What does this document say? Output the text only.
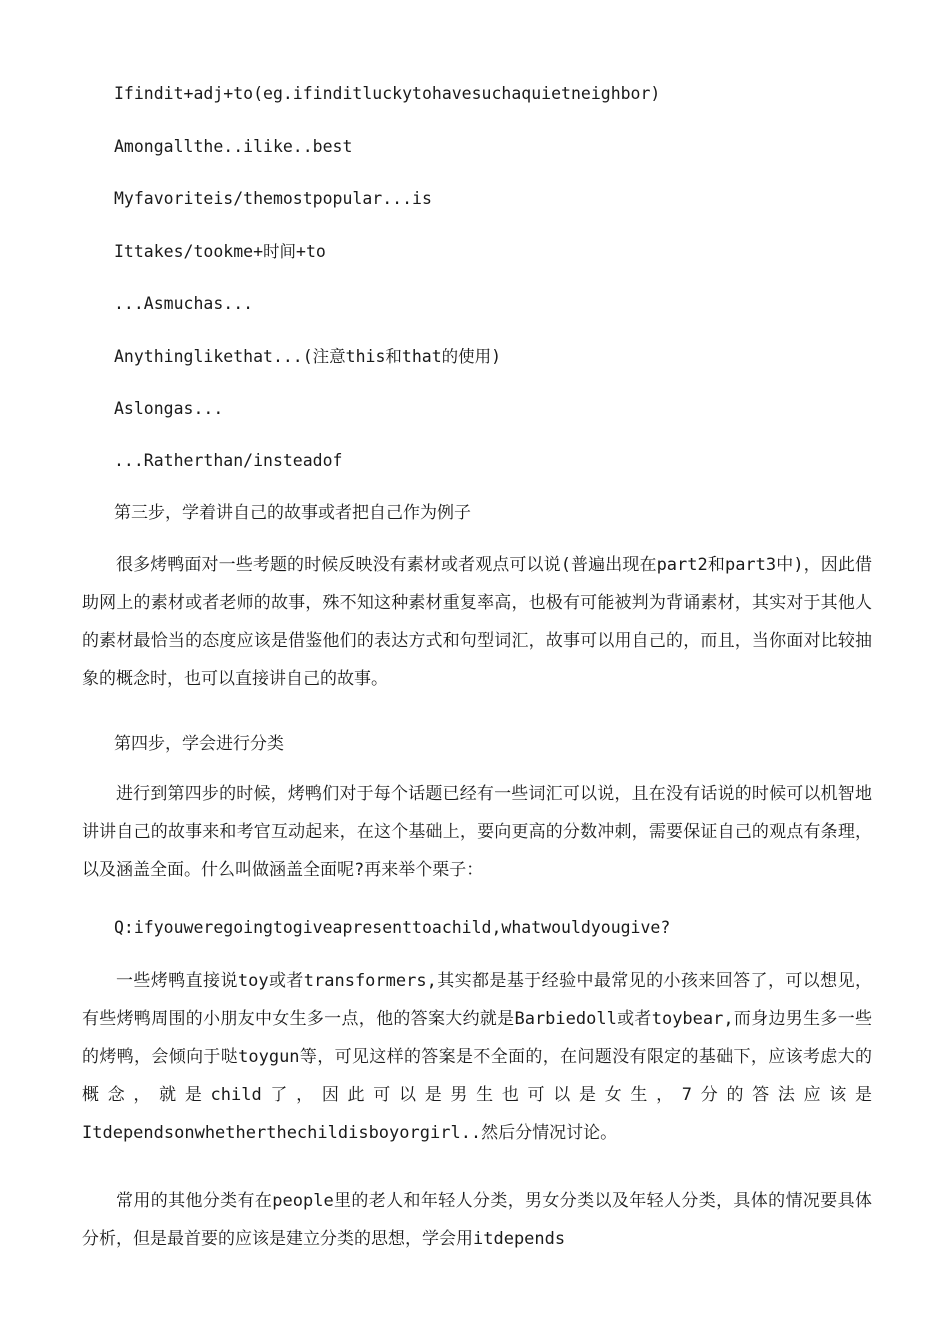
Ifindit+adj+to(eg.ifinditluckytohavesuchaquietneighbor)
Amongallthe..ilike..best
Myfavoriteis/themostpopular...is
Ittakes/tookme+时间+to
...Asmuchas...
Anythinglikethat...(注意this和that的使用)
Aslongas...
...Ratherthan/insteadof
第三步，学着讲自己的故事或者把自己作为例子

很多烤鸭面对一些考题的时候反映没有素材或者观点可以说(普遍出现在part2和part3中)，因此借助网上的素材或者老师的故事，殊不知这种素材重复率高，也极有可能被判为背诵素材，其实对于其他人的素材最恰当的态度应该是借鉴他们的表达方式和句型词汇，故事可以用自己的，而且，当你面对比较抽象的概念时，也可以直接讲自己的故事。

第四步，学会进行分类

进行到第四步的时候，烤鸭们对于每个话题已经有一些词汇可以说，且在没有话说的时候可以机智地讲讲自己的故事来和考官互动起来，在这个基础上，要向更高的分数冲刺，需要保证自己的观点有条理，以及涵盖全面。什么叫做涵盖全面呢?再来举个栗子：

Q:ifyouweregoingtogiveapresenttoachild,whatwouldyougive?

一些烤鸭直接说toy或者transformers,其实都是基于经验中最常见的小孩来回答了，可以想见，有些烤鸭周围的小朋友中女生多一点，他的答案大约就是Barbiedoll或者toybear,而身边男生多一些的烤鸭，会倾向于哒toygun等，可见这样的答案是不全面的，在问题没有限定的基础下，应该考虑大的概念，就是child了，因此可以是男生也可以是女生，7分的答法应该是Itdependsonwhetherthechildisboyorgirl..然后分情况讨论。

常用的其他分类有在people里的老人和年轻人分类，男女分类以及年轻人分类，具体的情况要具体分析，但是最首要的应该是建立分类的思想，学会用itdepends
